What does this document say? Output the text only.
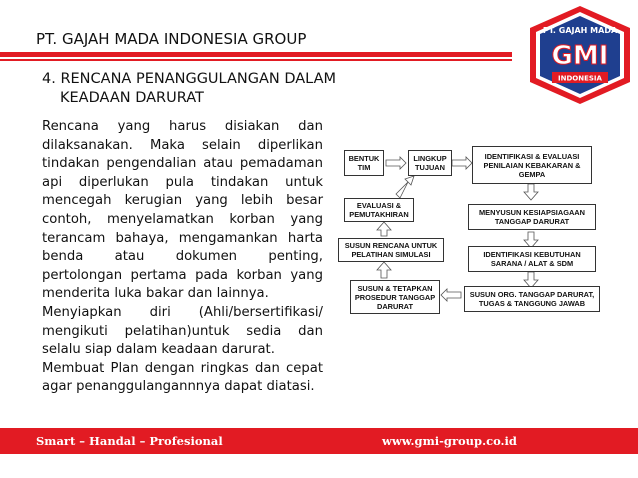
PT. GAJAH MADA INDONESIA GROUP	PT. GAJAH MADA
GMI
INDONESIA
4. RENCANA PENANGGULANGAN DALAM
KEADAAN DARURAT

Rencana yang harus disiakan dan dilaksanakan. Maka selain diperlikan tindakan pengendalian atau pemadaman api diperlukan pula tindakan untuk mencegah kerugian yang lebih besar contoh, menyelamatkan korban yang terancam bahaya, mengamankan harta benda atau dokumen penting, pertolongan pertama pada korban yang menderita luka bakar dan lainnya.

Menyiapkan diri (Ahli/bersertifikasi/ mengikuti pelatihan)untuk sedia dan selalu siap dalam keadaan darurat.

Membuat Plan dengan ringkas dan cepat agar penanggulangannnya dapat diatasi.

BENTUK TIM
LINGKUP TUJUAN
IDENTIFIKASI & EVALUASI PENILAIAN KEBAKARAN & GEMPA
EVALUASI & PEMUTAKHIRAN	MENYUSUN KESIAPSIAGAAN TANGGAP DARURAT
SUSUN RENCANA UNTUK PELATIHAN SIMULASI	IDENTIFIKASI KEBUTUHAN SARANA / ALAT & SDM
SUSUN & TETAPKAN PROSEDUR TANGGAP DARURAT
SUSUN ORG. TANGGAP DARURAT, TUGAS & TANGGUNG JAWAB
Smart – Handal – Profesional	www.gmi-group.co.id
